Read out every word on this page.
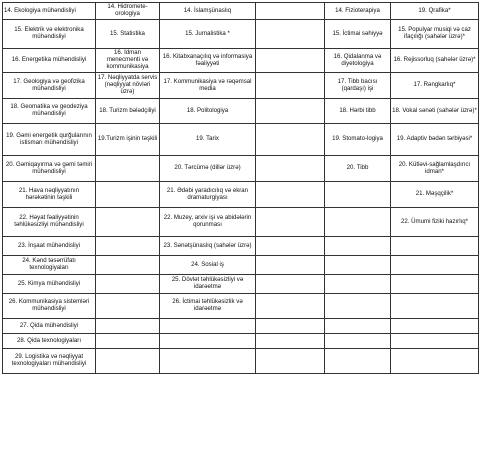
14. Ekologiya mühəndisliyi	14. Hidromete-orologiya	14. İslamşünaslıq		14. Fizioterapiya	19. Qrafika*
15. Elektrik və elektronika mühəndisliyi	15. Statistika	15. Jurnalistika *		15. İctimai səhiyyə	15. Populyar musiqi və caz ifaçılığı (sahələr üzrə)*
16. Energetika mühəndisliyi	16. İdman menecmenti və kommunikasiya	16. Kitabxanaçılıq və informasiya fəaliyyəti		16. Qidalanma və diyetologiya	16. Rejissorluq (sahələr üzrə)*
17. Geologiya və geofizika mühəndisliyi	17. Nəqliyyatda servis (nəqliyyat növləri üzrə)	17. Kommunikasiya və rəqəmsal media		17. Tibb bacısı (qardaşı) işi	17. Rəngkarlıq*
18. Geomatika və geodeziya mühəndisliyi	18. Turizm bələdçiliyi	18. Politologiya		18. Hərbi tibb	18. Vokal sənəti (sahələr üzrə)*
19. Gəmi energetik qurğularının istismarı mühəndisliyi	19.Turizm işinin təşkili	19. Tarix		19. Stomato-logiya	19. Adaptiv bədən tərbiyəsi*
20. Gəmiqayırma və gəmi təmiri mühəndisliyi		20. Tərcümə (dillər üzrə)		20. Tibb	20. Kütləvi-sağlamlaşdırıcı idman*
21. Hava nəqliyyatının hərəkətinin təşkili		21. Ədəbi yaradıcılıq və ekran dramaturgiyası			21. Məşqçilik*
22. Həyat fəaliyyətinin təhlükəsizliyi mühəndisliyi		22. Muzey, arxiv işi və abidələrin qorunması			22. Ümumi fiziki hazırlıq*
23. İnşaat mühəndisliyi		23. Sənətşünaslıq (sahələr üzrə)			
24. Kənd təsərrüfatı texnologiyaları		24. Sosial iş			
25. Kimya mühəndisliyi		25. Dövlət təhlükəsizliyi və idarəetmə			
26. Kommunikasiya sistemləri mühəndisliyi		26. İctimai təhlükəsizlik və idarəetmə			
27. Qida mühəndisliyi					
28. Qida texnologiyaları					
29. Logistika və nəqliyyat texnologiyaları mühəndisliyi					
